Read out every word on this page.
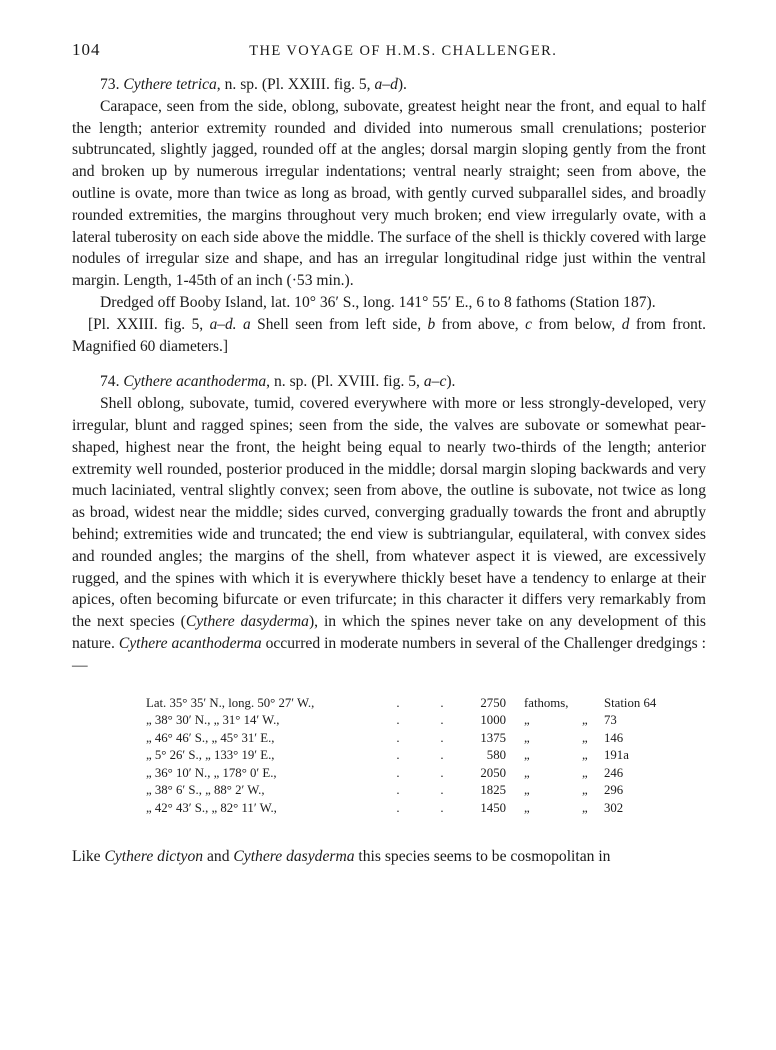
104	THE VOYAGE OF H.M.S. CHALLENGER.

73. Cythere tetrica, n. sp. (Pl. XXIII. fig. 5, a–d).

Carapace, seen from the side, oblong, subovate, greatest height near the front, and equal to half the length; anterior extremity rounded and divided into numerous small crenulations; posterior subtruncated, slightly jagged, rounded off at the angles; dorsal margin sloping gently from the front and broken up by numerous irregular indentations; ventral nearly straight; seen from above, the outline is ovate, more than twice as long as broad, with gently curved subparallel sides, and broadly rounded extremities, the margins throughout very much broken; end view irregularly ovate, with a lateral tuberosity on each side above the middle. The surface of the shell is thickly covered with large nodules of irregular size and shape, and has an irregular longitudinal ridge just within the ventral margin. Length, 1-45th of an inch (·53 min.).

Dredged off Booby Island, lat. 10° 36′ S., long. 141° 55′ E., 6 to 8 fathoms (Station 187).

[Pl. XXIII. fig. 5, a–d. a Shell seen from left side, b from above, c from below, d from front. Magnified 60 diameters.]

74. Cythere acanthoderma, n. sp. (Pl. XVIII. fig. 5, a–c).

Shell oblong, subovate, tumid, covered everywhere with more or less strongly-developed, very irregular, blunt and ragged spines; seen from the side, the valves are subovate or somewhat pear-shaped, highest near the front, the height being equal to nearly two-thirds of the length; anterior extremity well rounded, posterior produced in the middle; dorsal margin sloping backwards and very much laciniated, ventral slightly convex; seen from above, the outline is subovate, not twice as long as broad, widest near the middle; sides curved, converging gradually towards the front and abruptly behind; extremities wide and truncated; the end view is subtriangular, equilateral, with convex sides and rounded angles; the margins of the shell, from whatever aspect it is viewed, are excessively rugged, and the spines with which it is everywhere thickly beset have a tendency to enlarge at their apices, often becoming bifurcate or even trifurcate; in this character it differs very remarkably from the next species (Cythere dasyderma), in which the spines never take on any development of this nature. Cythere acanthoderma occurred in moderate numbers in several of the Challenger dredgings :—

Lat. 35° 35′ N., long. 50° 27′ W.,	.	.	2750	fathoms,		Station 64
„ 38° 30′ N., „ 31° 14′ W.,	.	.	1000	„	„	73
„ 46° 46′ S., „ 45° 31′ E.,	.	.	1375	„	„	146
„ 5° 26′ S., „ 133° 19′ E.,	.	.	580	„	„	191a
„ 36° 10′ N., „ 178° 0′ E.,	.	.	2050	„	„	246
„ 38° 6′ S., „ 88° 2′ W.,	.	.	1825	„	„	296
„ 42° 43′ S., „ 82° 11′ W.,	.	.	1450	„	„	302

Like Cythere dictyon and Cythere dasyderma this species seems to be cosmopolitan in
